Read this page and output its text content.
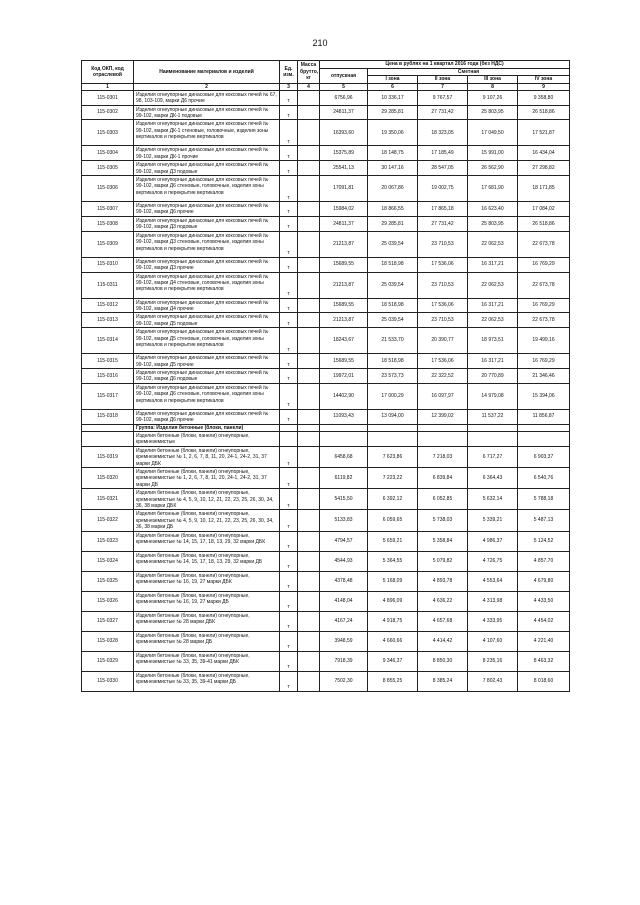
210
Код ОКП, код отраслевой	Наименование материалов и изделий	Ед. изм.	Масса брутто, кг	Цена в рублях на 1 квартал 2016 года (без НДС)				
				отпускная	Сметная			
					I зона	II зона	III зона	IV зона
1	2	3	4	5	6	7	8	9
115-0301	Изделия огнеупорные динасовые для коксовых печей № 67, 98, 103-109, марки Д6 прочие	т		6756,96	10 336,17	9 767,57	9 107,26	9 358,80
115-0302	Изделия огнеупорные динасовые для коксовых печей № 99-102, марки ДК-1 подовые	т		24811,37	29 285,81	27 731,42	25 803,95	26 518,86
115-0303	Изделия огнеупорные динасовые для коксовых печей № 99-102, марки ДК-1 стеновые, головочные, изделия зоны вертикалов и перекрытие вертикалов	т		16393,60	19 350,06	18 323,05	17 049,50	17 521,87
115-0304	Изделия огнеупорные динасовые для коксовых печей № 99-102, марки ДК-1 прочие	т		15375,89	18 148,75	17 185,49	15 991,00	16 434,04
115-0305	Изделия огнеупорные динасовые для коксовых печей № 99-102, марки Д3 подовые	т		25541,13	30 147,16	28 547,05	26 562,90	27 298,82
115-0306	Изделия огнеупорные динасовые для коксовых печей № 99-102, марки Д6 стеновые, головочные, изделия зоны вертикалов и перекрытие вертикалов	т		17091,81	20 067,86	19 002,75	17 681,90	18 171,85
115-0307	Изделия огнеупорные динасовые для коксовых печей № 99-102, марки Д6 прочие	т		15984,02	18 866,55	17 865,18	16 623,40	17 084,02
115-0308	Изделия огнеупорные динасовые для коксовых печей № 99-102, марки Д3 подовые	т		24811,37	29 285,81	27 731,42	25 803,95	26 518,86
115-0309	Изделия огнеупорные динасовые для коксовых печей № 99-102, марки Д3 стеновые, головочные, изделия зоны вертикалов и перекрытие вертикалов	т		21213,87	25 039,54	23 710,53	22 062,53	22 673,78
115-0310	Изделия огнеупорные динасовые для коксовых печей № 99-102, марки Д3 прочие	т		15689,55	18 518,98	17 536,06	16 317,21	16 769,29
115-0311	Изделия огнеупорные динасовые для коксовых печей № 99-102, марки Д4 стеновые, головочные, изделия зоны вертикалов и перекрытие вертикалов	т		21213,87	25 039,54	23 710,53	22 062,53	22 673,78
115-0312	Изделия огнеупорные динасовые для коксовых печей № 99-102, марки Д4 прочие	т		15689,55	18 518,98	17 536,06	16 317,21	16 769,29
115-0313	Изделия огнеупорные динасовые для коксовых печей № 99-102, марки Д5 подовые	т		21213,87	25 039,54	23 710,53	22 062,53	22 673,78
115-0314	Изделия огнеупорные динасовые для коксовых печей № 99-102, марки Д5 стеновые, головочные, изделия зоны вертикалов и перекрытие вертикалов	т		18243,67	21 533,70	20 390,77	18 973,51	19 499,16
115-0315	Изделия огнеупорные динасовые для коксовых печей № 99-102, марки Д5 прочие	т		15689,55	18 518,98	17 536,06	16 317,21	16 769,29
115-0316	Изделия огнеупорные динасовые для коксовых печей № 99-102, марки Д6 подовые	т		19972,01	23 573,73	22 322,52	20 770,89	21 346,46
115-0317	Изделия огнеупорные динасовые для коксовых печей № 99-102, марки Д6 стеновые, головочные, изделия зоны вертикалов и перекрытие вертикалов	т		14402,90	17 000,29	16 097,97	14 979,08	15 394,06
115-0318	Изделия огнеупорные динасовые для коксовых печей № 99-102, марки Д6 прочие	т		11093,43	13 094,00	12 399,02	11 537,22	11 856,87
	Группа: Изделия бетонные (блоки, панели)							
	Изделия бетонные (блоки, панели) огнеупорные, кремнеземистые							
115-0319	Изделия бетонные (блоки, панели) огнеупорные, кремнеземистые № 1, 2, 6, 7, 8, 11, 20, 24-1, 24-2, 31, 37 марки ДБК	т		6458,68	7 623,86	7 218,03	6 717,27	6 903,37
115-0320	Изделия бетонные (блоки, панели) огнеупорные, кремнеземистые № 1, 2, 6, 7, 8, 11, 20, 24-1, 24-2, 31, 37 марки ДБ	т		6119,82	7 223,22	6 839,84	6 364,43	6 540,76
115-0321	Изделия бетонные (блоки, панели) огнеупорные, кремнеземистые № 4, 5, 9, 10, 12, 21, 22, 23, 25, 26, 30, 34, 36, 38 марки ДБК	т		5415,50	6 392,12	6 052,85	5 632,14	5 788,18
115-0322	Изделия бетонные (блоки, панели) огнеупорные, кремнеземистые № 4, 5, 9, 10, 12, 21, 22, 23, 25, 26, 30, 34, 36, 38 марки ДБ	т		5133,83	6 059,65	5 738,03	5 339,21	5 487,13
115-0323	Изделия бетонные (блоки, панели) огнеупорные, кремнеземистые № 14, 15, 17, 18, 13, 29, 32 марки ДБК	т		4794,57	5 659,21	5 358,84	4 986,37	5 124,52
115-0324	Изделия бетонные (блоки, панели) огнеупорные, кремнеземистые № 14, 15, 17, 18, 13, 29, 32 марки ДБ	т		4544,93	5 364,55	5 079,82	4 726,75	4 857,70
115-0325	Изделия бетонные (блоки, панели) огнеупорные, кремнеземистые № 16, 19, 27 марки ДБК	т		4378,48	5 168,09	4 893,78	4 553,64	4 679,80
115-0326	Изделия бетонные (блоки, панели) огнеупорные, кремнеземистые № 16, 19, 27 марки ДБ	т		4148,04	4 896,09	4 636,22	4 313,98	4 433,50
115-0327	Изделия бетонные (блоки, панели) огнеупорные, кремнеземистые № 28 марки ДБК	т		4167,24	4 918,75	4 657,68	4 333,95	4 454,02
115-0328	Изделия бетонные (блоки, панели) огнеупорные, кремнеземистые № 28 марки ДБ	т		3948,59	4 660,66	4 414,42	4 107,60	4 221,40
115-0329	Изделия бетонные (блоки, панели) огнеупорные, кремнеземистые № 33, 35, 39-41 марки ДБК	т		7918,39	9 346,37	8 850,30	8 235,16	8 463,32
115-0330	Изделия бетонные (блоки, панели) огнеупорные, кремнеземистые № 33, 35, 39-41 марки ДБ	т		7502,30	8 855,25	8 385,24	7 802,43	8 018,60
